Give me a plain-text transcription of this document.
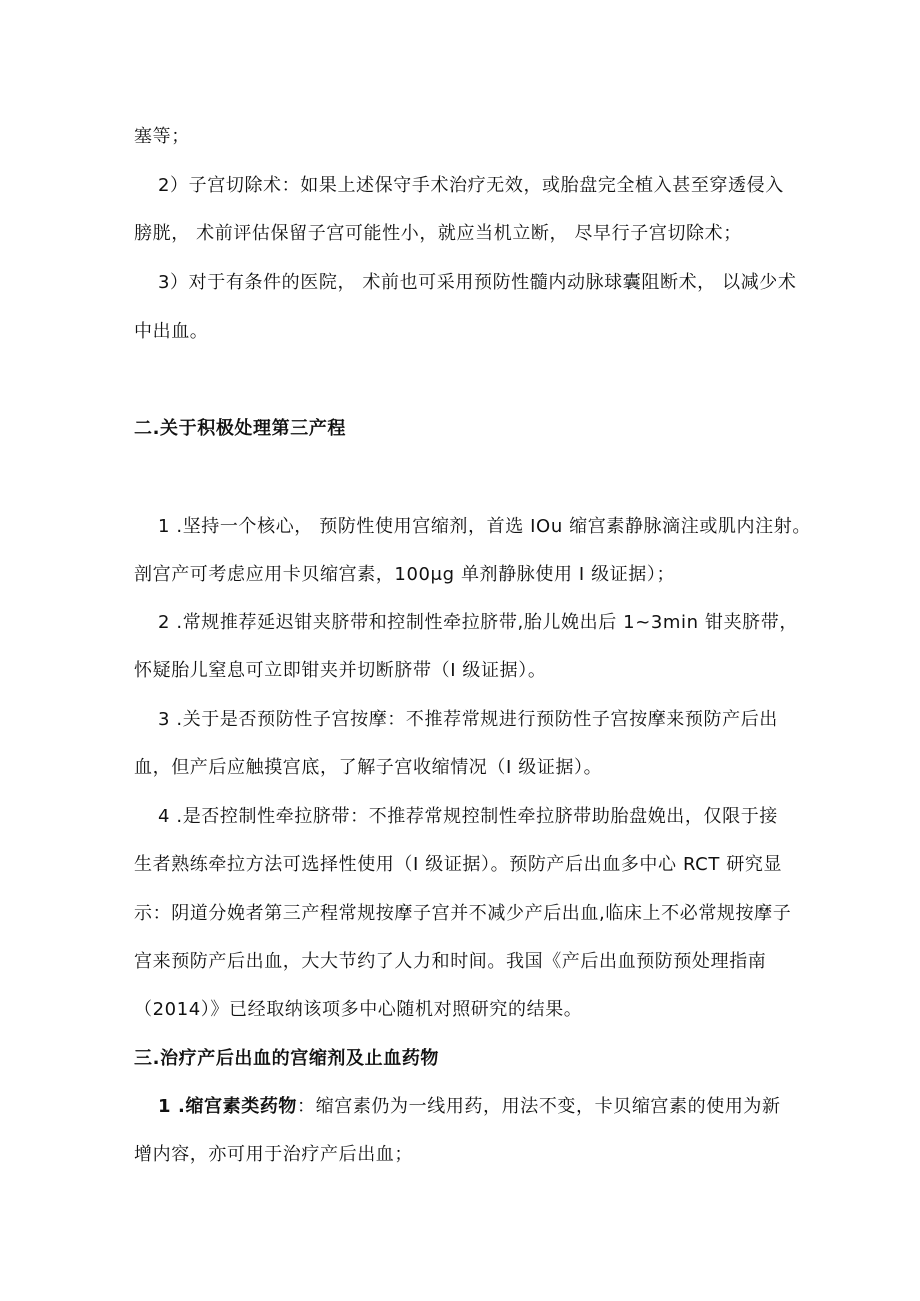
塞等；
2）子宫切除术：如果上述保守手术治疗无效，或胎盘完全植入甚至穿透侵入
膀胱， 术前评估保留子宫可能性小，就应当机立断， 尽早行子宫切除术；
3）对于有条件的医院， 术前也可采用预防性髓内动脉球囊阻断术， 以减少术
中出血。
二.关于积极处理第三产程
1 .坚持一个核心， 预防性使用宫缩剂，首选 IOu 缩宫素静脉滴注或肌内注射。
剖宫产可考虑应用卡贝缩宫素，100μg 单剂静脉使用 I 级证据）；
2 .常规推荐延迟钳夹脐带和控制性牵拉脐带,胎儿娩出后 1~3min 钳夹脐带，
怀疑胎儿窒息可立即钳夹并切断脐带（I 级证据）。
3 .关于是否预防性子宫按摩：不推荐常规进行预防性子宫按摩来预防产后出
血，但产后应触摸宫底，了解子宫收缩情况（I 级证据）。
4 .是否控制性牵拉脐带：不推荐常规控制性牵拉脐带助胎盘娩出，仅限于接
生者熟练牵拉方法可选择性使用（I 级证据）。预防产后出血多中心 RCT 研究显
示：阴道分娩者第三产程常规按摩子宫并不减少产后出血,临床上不必常规按摩子
宫来预防产后出血，大大节约了人力和时间。我国《产后出血预防预处理指南
（2014）》已经取纳该项多中心随机对照研究的结果。
三.治疗产后出血的宫缩剂及止血药物
1 .缩宫素类药物：缩宫素仍为一线用药，用法不变，卡贝缩宫素的使用为新
增内容，亦可用于治疗产后出血；
